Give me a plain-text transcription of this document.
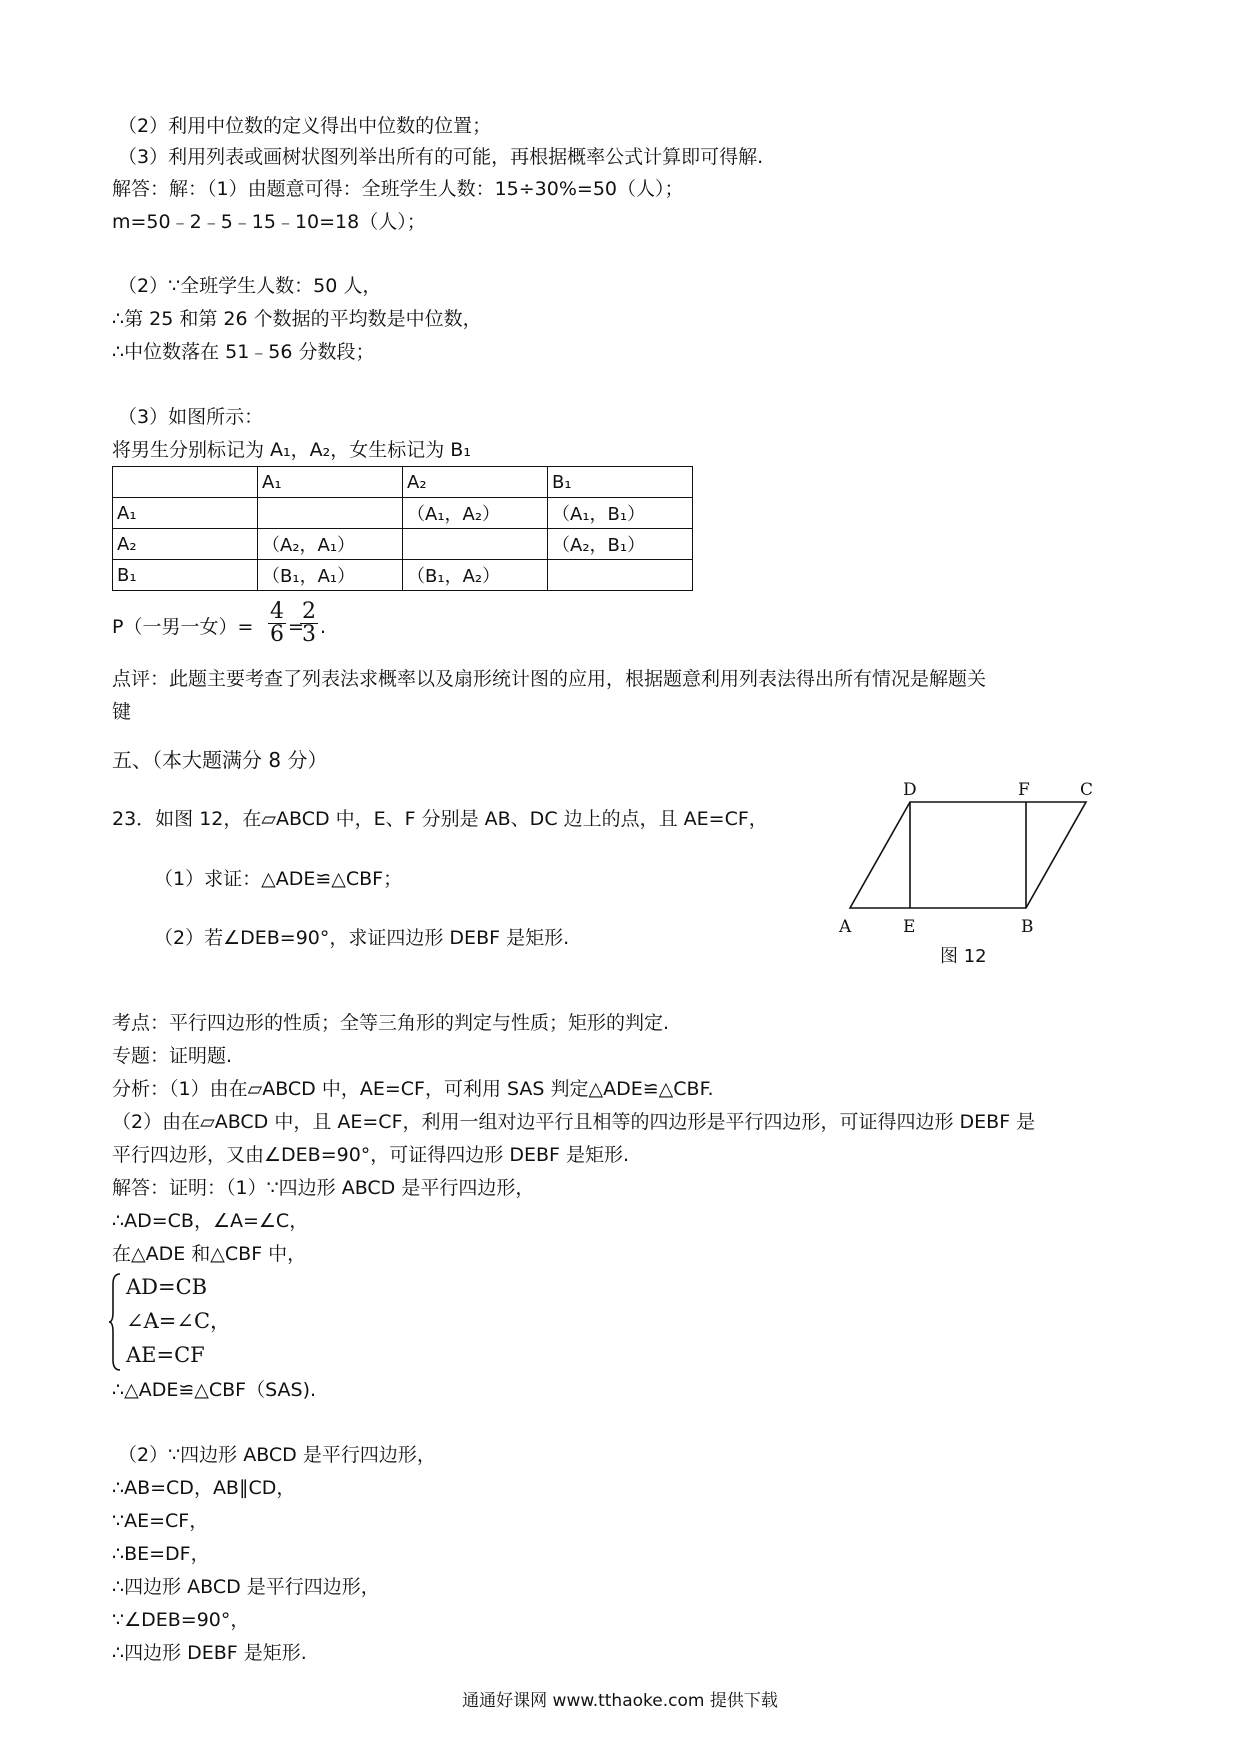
（2）利用中位数的定义得出中位数的位置；
（3）利用列表或画树状图列举出所有的可能，再根据概率公式计算即可得解.
解答：解：（1）由题意可得：全班学生人数：15÷30%=50（人）；
m=50﹣2﹣5﹣15﹣10=18（人）；
（2）∵全班学生人数：50 人，
∴第 25 和第 26 个数据的平均数是中位数，
∴中位数落在 51﹣56 分数段；
（3）如图所示：
将男生分别标记为 A₁，A₂，女生标记为 B₁
	A₁	A₂	B₁
A₁		（A₁，A₂）	（A₁，B₁）
A₂	（A₂，A₁）		（A₂，B₁）
B₁	（B₁，A₁）	（B₁，A₂）	
P（一男一女）=
4
6 =
2
3 .
点评：此题主要考查了列表法求概率以及扇形统计图的应用，根据题意利用列表法得出所有情况是解题关
键
五、（本大题满分 8 分）
23．如图 12，在▱ABCD 中，E、F 分别是 AB、DC 边上的点，且 AE=CF，
（1）求证：△ADE≌△CBF；
（2）若∠DEB=90°，求证四边形 DEBF 是矩形.	A	E	B
D	F	C
图 12
考点：平行四边形的性质；全等三角形的判定与性质；矩形的判定.
专题：证明题.
分析：（1）由在▱ABCD 中，AE=CF，可利用 SAS 判定△ADE≌△CBF.
（2）由在▱ABCD 中，且 AE=CF，利用一组对边平行且相等的四边形是平行四边形，可证得四边形 DEBF 是
平行四边形，又由∠DEB=90°，可证得四边形 DEBF 是矩形.
解答：证明：（1）∵四边形 ABCD 是平行四边形，
∴AD=CB，∠A=∠C，
在△ADE 和△CBF 中，
AD=CB
∠A=∠C，
AE=CF
∴△ADE≌△CBF（SAS).
（2）∵四边形 ABCD 是平行四边形，
∴AB=CD，AB∥CD，
∵AE=CF，
∴BE=DF，
∴四边形 ABCD 是平行四边形，
∵∠DEB=90°，
∴四边形 DEBF 是矩形.
通通好课网 www.tthaoke.com 提供下载
